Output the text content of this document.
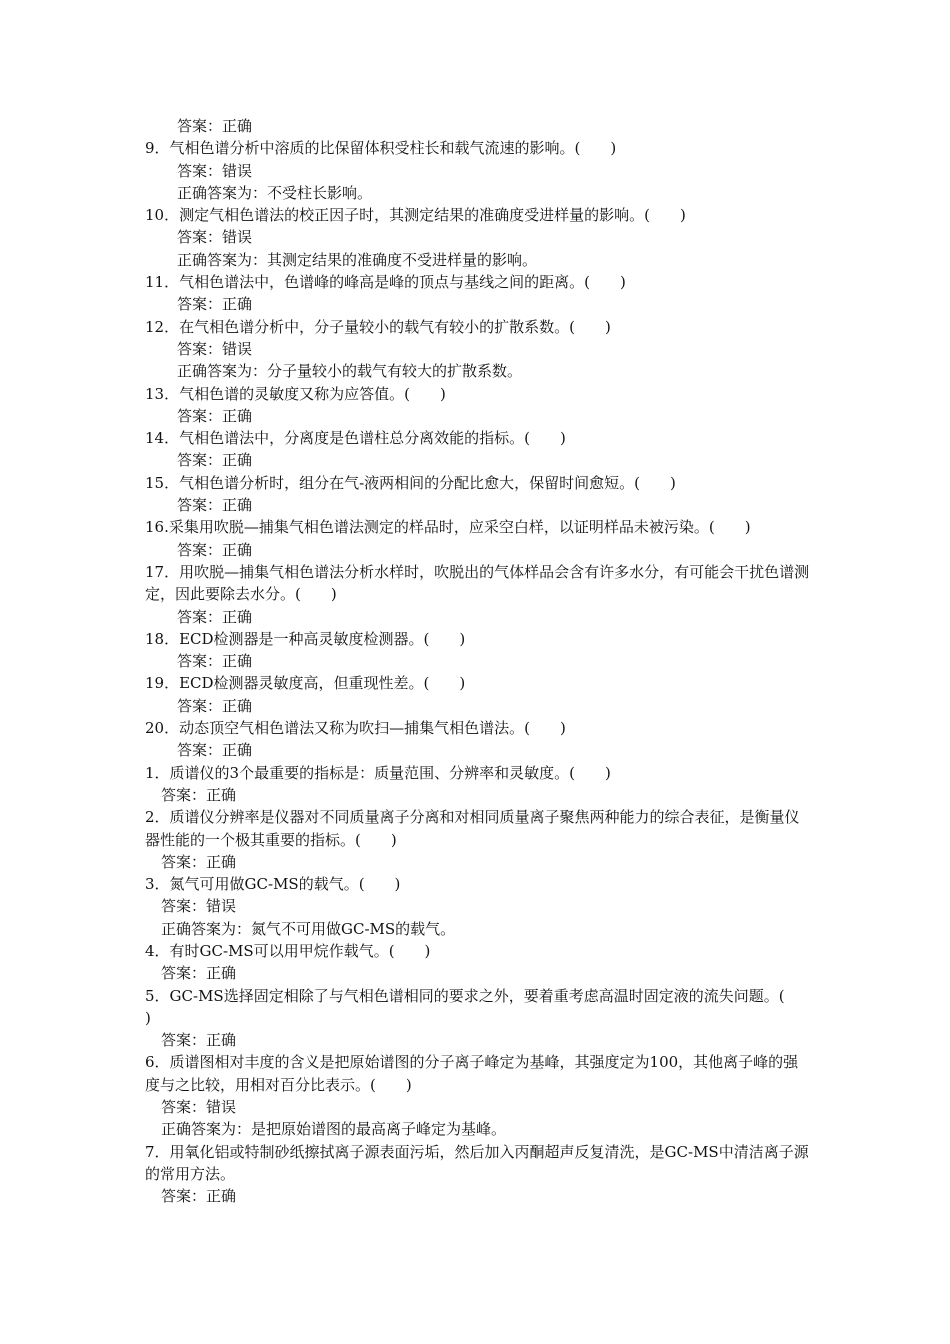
答案：正确
9．气相色谱分析中溶质的比保留体积受柱长和载气流速的影响。(　　)
答案：错误
正确答案为：不受柱长影响。
10．测定气相色谱法的校正因子时，其测定结果的准确度受进样量的影响。(　　)
答案：错误
正确答案为：其测定结果的准确度不受进样量的影响。
11．气相色谱法中，色谱峰的峰高是峰的顶点与基线之间的距离。(　　)
答案：正确
12．在气相色谱分析中，分子量较小的载气有较小的扩散系数。(　　)
答案：错误
正确答案为：分子量较小的载气有较大的扩散系数。
13．气相色谱的灵敏度又称为应答值。(　　)
答案：正确
14．气相色谱法中，分离度是色谱柱总分离效能的指标。(　　)
答案：正确
15．气相色谱分析时，组分在气-液两相间的分配比愈大，保留时间愈短。(　　)
答案：正确
16.采集用吹脱—捕集气相色谱法测定的样品时，应采空白样，以证明样品未被污染。(　　)
答案：正确
17．用吹脱—捕集气相色谱法分析水样时，吹脱出的气体样品会含有许多水分，有可能会干扰色谱测定，因此要除去水分。(　　)
答案：正确
18．ECD检测器是一种高灵敏度检测器。(　　)
答案：正确
19．ECD检测器灵敏度高，但重现性差。(　　)
答案：正确
20．动态顶空气相色谱法又称为吹扫—捕集气相色谱法。(　　)
答案：正确
1．质谱仪的3个最重要的指标是：质量范围、分辨率和灵敏度。(　　)
答案：正确
2．质谱仪分辨率是仪器对不同质量离子分离和对相同质量离子聚焦两种能力的综合表征，是衡量仪器性能的一个极其重要的指标。(　　)
答案：正确
3．氮气可用做GC-MS的载气。(　　)
答案：错误
正确答案为：氮气不可用做GC-MS的载气。
4．有时GC-MS可以用甲烷作载气。(　　)
答案：正确
5．GC-MS选择固定相除了与气相色谱相同的要求之外，要着重考虑高温时固定液的流失问题。(　　)
答案：正确
6．质谱图相对丰度的含义是把原始谱图的分子离子峰定为基峰，其强度定为100，其他离子峰的强度与之比较，用相对百分比表示。(　　)
答案：错误
正确答案为：是把原始谱图的最高离子峰定为基峰。
7．用氧化铝或特制砂纸擦拭离子源表面污垢，然后加入丙酮超声反复清洗，是GC-MS中清洁离子源的常用方法。
答案：正确
